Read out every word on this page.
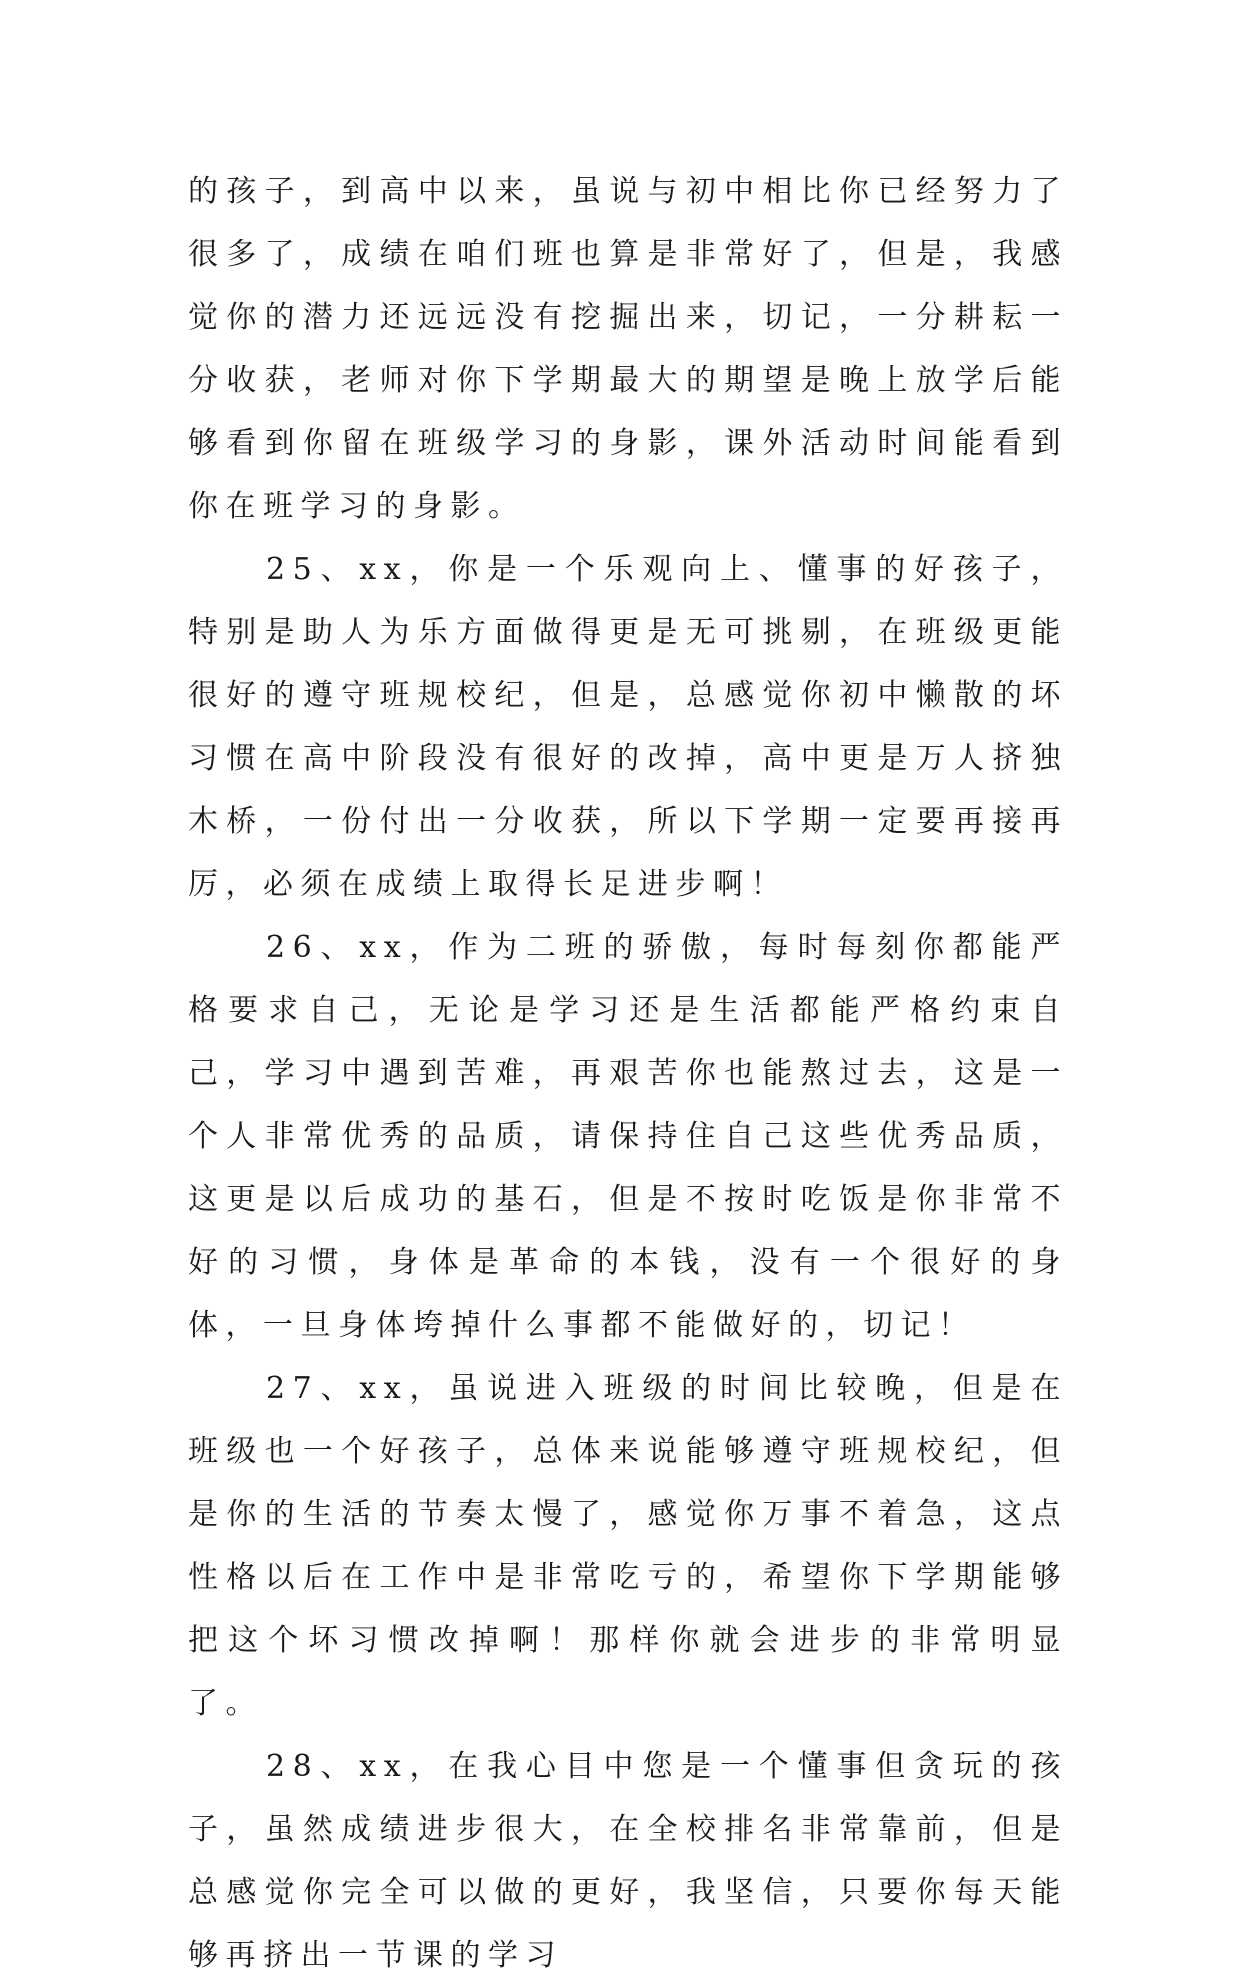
的孩子，到高中以来，虽说与初中相比你已经努力了很多了，成绩在咱们班也算是非常好了，但是，我感觉你的潜力还远远没有挖掘出来，切记，一分耕耘一分收获，老师对你下学期最大的期望是晚上放学后能够看到你留在班级学习的身影，课外活动时间能看到你在班学习的身影。

25、xx，你是一个乐观向上、懂事的好孩子，特别是助人为乐方面做得更是无可挑剔，在班级更能很好的遵守班规校纪，但是，总感觉你初中懒散的坏习惯在高中阶段没有很好的改掉，高中更是万人挤独木桥，一份付出一分收获，所以下学期一定要再接再厉，必须在成绩上取得长足进步啊！

26、xx，作为二班的骄傲，每时每刻你都能严格要求自己，无论是学习还是生活都能严格约束自己，学习中遇到苦难，再艰苦你也能熬过去，这是一个人非常优秀的品质，请保持住自己这些优秀品质，这更是以后成功的基石，但是不按时吃饭是你非常不好的习惯，身体是革命的本钱，没有一个很好的身体，一旦身体垮掉什么事都不能做好的，切记！

27、xx，虽说进入班级的时间比较晚，但是在班级也一个好孩子，总体来说能够遵守班规校纪，但是你的生活的节奏太慢了，感觉你万事不着急，这点性格以后在工作中是非常吃亏的，希望你下学期能够把这个坏习惯改掉啊！那样你就会进步的非常明显了。

28、xx，在我心目中您是一个懂事但贪玩的孩子，虽然成绩进步很大，在全校排名非常靠前，但是总感觉你完全可以做的更好，我坚信，只要你每天能够再挤出一节课的学习
